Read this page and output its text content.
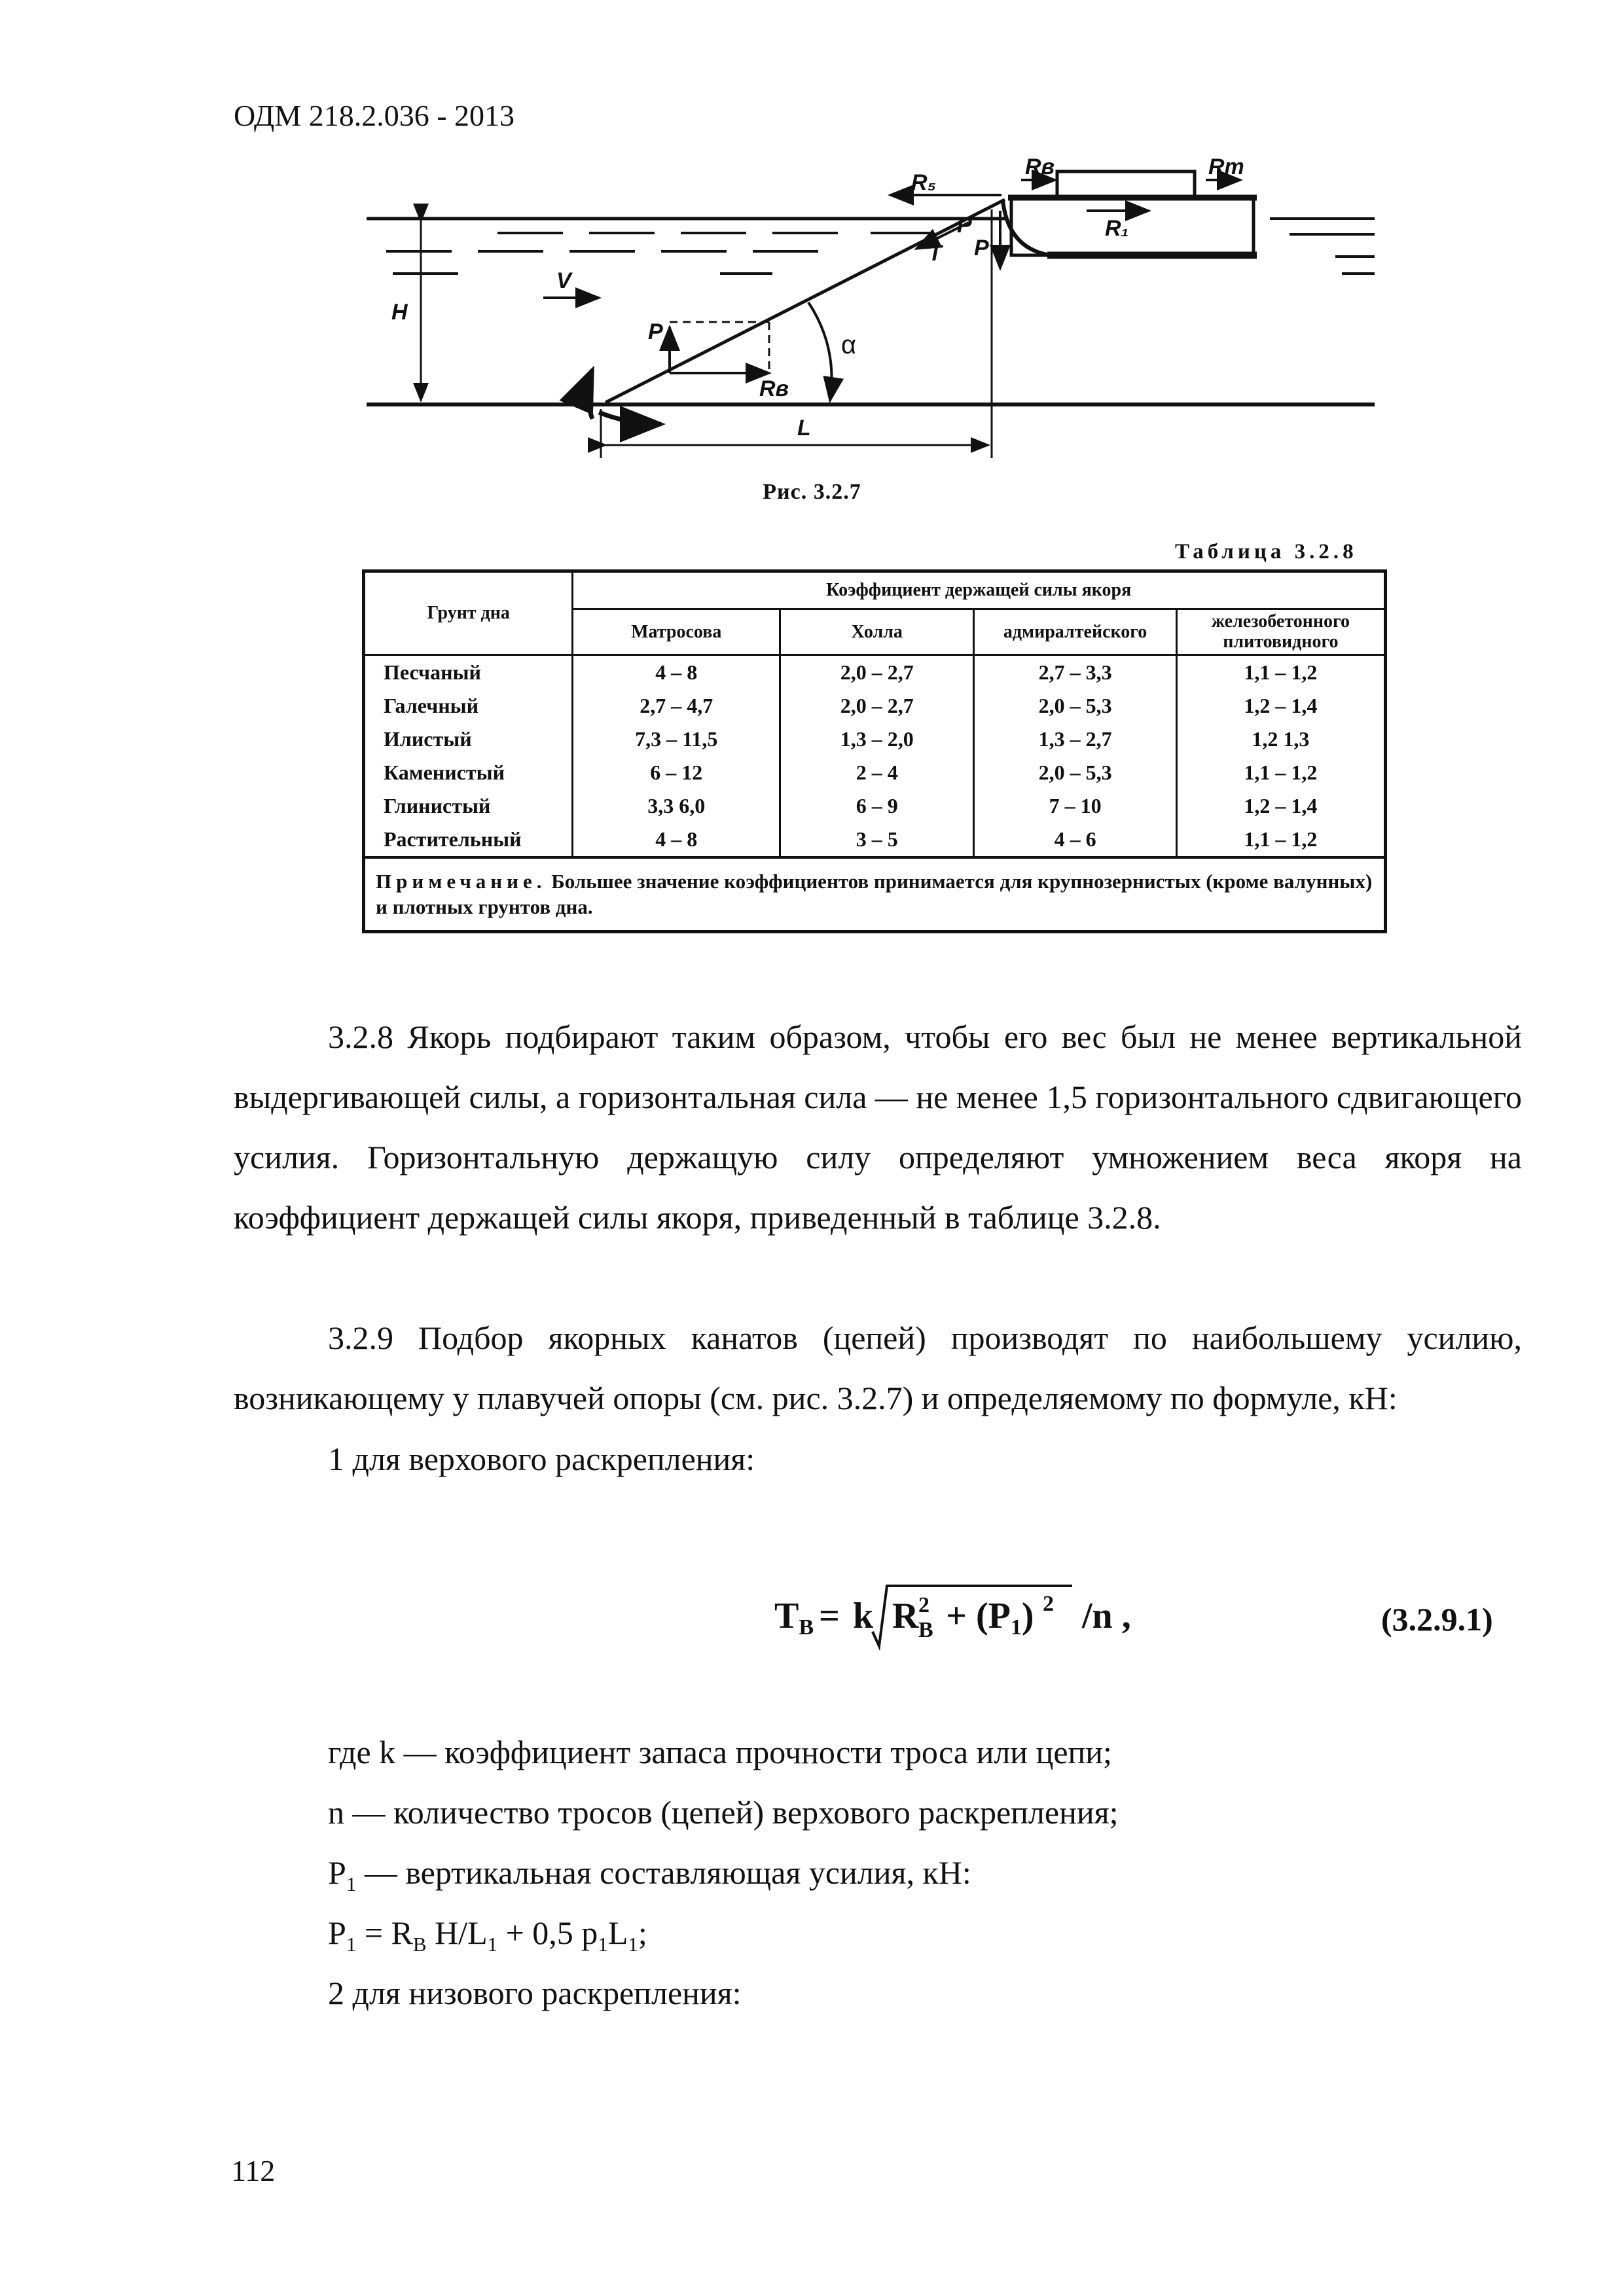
ОДМ 218.2.036 - 2013
R₅
Rв	Rт
R₁
T P
P
H
V
P	α
Rв
L
Рис. 3.2.7
Таблица 3.2.8
Грунт дна	Коэффициент держащей силы якоря			
	Матросова	Холла	адмиралтейского	железобетонного плитовидного
Песчаный	4 – 8	2,0 – 2,7	2,7 – 3,3	1,1 – 1,2
Галечный	2,7 – 4,7	2,0 – 2,7	2,0 – 5,3	1,2 – 1,4
Илистый	7,3 – 11,5	1,3 – 2,0	1,3 – 2,7	1,2 1,3
Каменистый	6 – 12	2 – 4	2,0 – 5,3	1,1 – 1,2
Глинистый	3,3 6,0	6 – 9	7 – 10	1,2 – 1,4
Растительный	4 – 8	3 – 5	4 – 6	1,1 – 1,2
Примечание. Большее значение коэффициентов принимается для крупнозернистых (кроме валунных) и плотных грунтов дна.				
3.2.8 Якорь подбирают таким образом, чтобы его вес был не менее вертикальной выдергивающей силы, а горизонтальная сила — не менее 1,5 горизонтального сдвигающего усилия. Горизонтальную держащую силу определяют умножением веса якоря на коэффициент держащей силы якоря, приведенный в таблице 3.2.8.
3.2.9 Подбор якорных канатов (цепей) производят по наибольшему усилию, возникающему у плавучей опоры (см. рис. 3.2.7) и определяемому по формуле, кН:
1 для верхового раскрепления:
TВ = k R 2
В + (P1) 2 /n ,	(3.2.9.1)
где k — коэффициент запаса прочности троса или цепи;
n — количество тросов (цепей) верхового раскрепления;
$P_1$ — вертикальная составляющая усилия, кН:
$P_1 = R_В$ $H/L_1 + 0,5$ $p_1L_1$;
2 для низового раскрепления:
112
